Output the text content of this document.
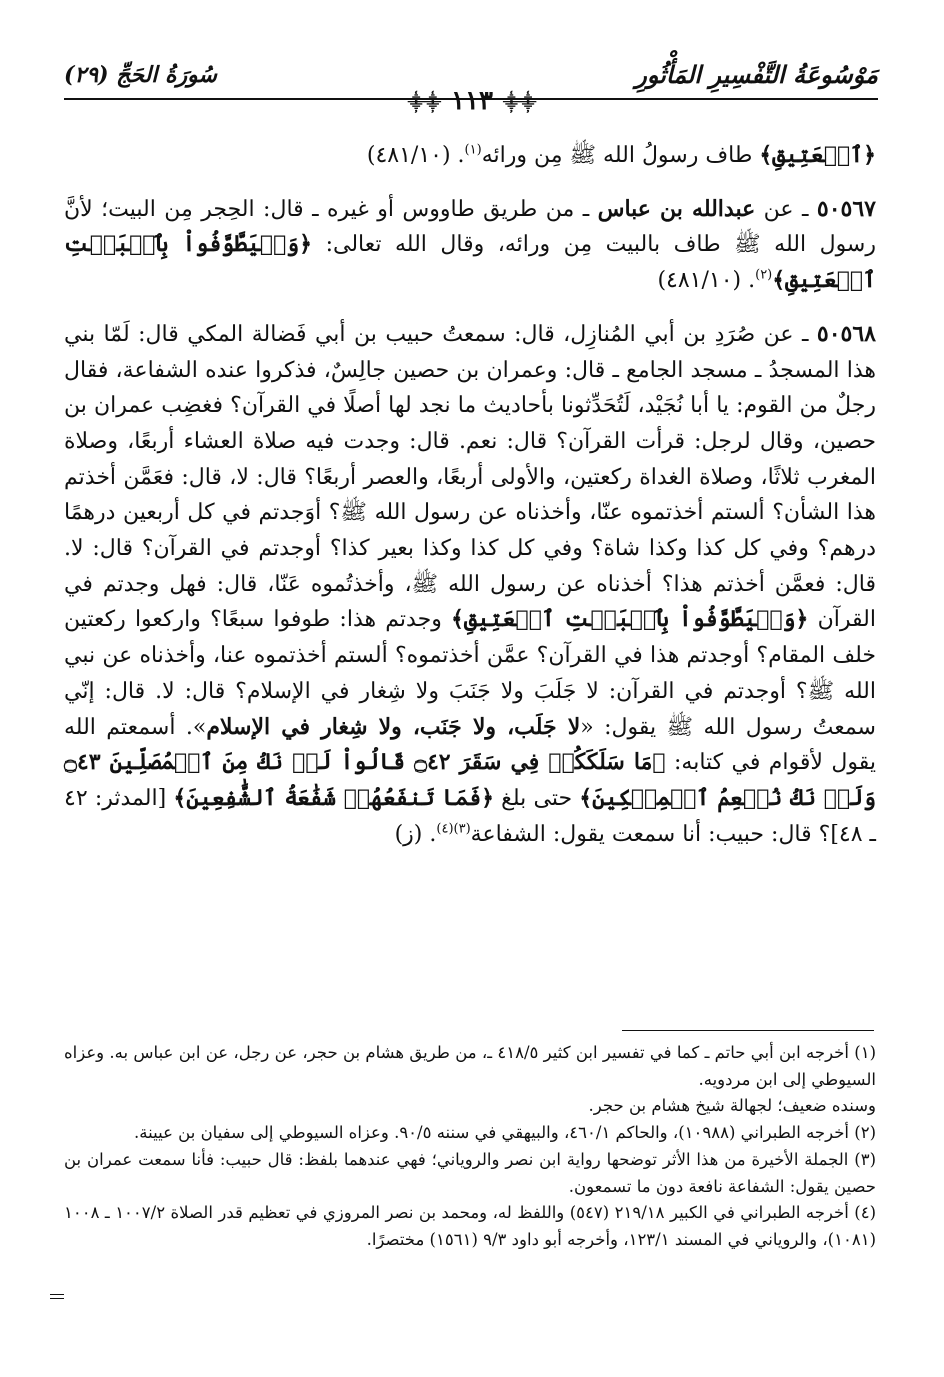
مَوْسُوعَةُ التَّفْسِيرِ المَأْثُورِ
سُورَةُ الحَجِّ (٢٩)
⸎⸎ ١١٣ ⸎⸎

﴿ٱلۡعَتِيقِ﴾ طاف رسولُ الله ﷺ مِن ورائه$^{(١)}$. (٤٨١/١٠)

٥٠٥٦٧ ـ عن عبدالله بن عباس ـ من طريق طاووس أو غيره ـ قال: الحِجر مِن البيت؛ لأنَّ رسول الله ﷺ طاف بالبيت مِن ورائه، وقال الله تعالى: ﴿وَلۡيَطَّوَّفُواْ بِٱلۡبَيۡتِ ٱلۡعَتِيقِ﴾$^{(٢)}$. (٤٨١/١٠)

٥٠٥٦٨ ـ عن صُرَدِ بن أبي المُنازِل، قال: سمعتُ حبيب بن أبي فَضالة المكي قال: لَمّا بني هذا المسجدُ ـ مسجد الجامع ـ قال: وعمران بن حصين جالِسٌ، فذكروا عنده الشفاعة، فقال رجلٌ من القوم: يا أبا نُجَيْد، لَتُحَدِّثونا بأحاديث ما نجد لها أصلًا في القرآن؟ فغضِب عمران بن حصين، وقال لرجل: قرأت القرآن؟ قال: نعم. قال: وجدت فيه صلاة العشاء أربعًا، وصلاة المغرب ثلاثًا، وصلاة الغداة ركعتين، والأولى أربعًا، والعصر أربعًا؟ قال: لا، قال: فعَمَّن أخذتم هذا الشأن؟ ألستم أخذتموه عنّا، وأخذناه عن رسول الله ﷺ؟ أوَجدتم في كل أربعين درهمًا درهم؟ وفي كل كذا وكذا شاة؟ وفي كل كذا وكذا بعير كذا؟ أوجدتم في القرآن؟ قال: لا. قال: فعمَّن أخذتم هذا؟ أخذناه عن رسول الله ﷺ، وأخذتُموه عَنّا، قال: فهل وجدتم في القرآن ﴿وَلۡيَطَّوَّفُواْ بِٱلۡبَيۡتِ ٱلۡعَتِيقِ﴾ وجدتم هذا: طوفوا سبعًا؟ واركعوا ركعتين خلف المقام؟ أوجدتم هذا في القرآن؟ عمَّن أخذتموه؟ ألستم أخذتموه عنا، وأخذناه عن نبي الله ﷺ؟ أوجدتم في القرآن: لا جَلَبَ ولا جَنَبَ ولا شِغار في الإسلام؟ قال: لا. قال: إنّي سمعتُ رسول الله ﷺ يقول: «لا جَلَب، ولا جَنَب، ولا شِغار في الإسلام». أسمعتم الله يقول لأقوام في كتابه: ﴿مَا سَلَكَكُمۡ فِي سَقَرَ ۝٤٢ قَالُواْ لَمۡ نَكُ مِنَ ٱلۡمُصَلِّينَ ۝٤٣ وَلَمۡ نَكُ نُطۡعِمُ ٱلۡمِسۡكِينَ﴾ حتى بلغ ﴿فَمَا تَنفَعُهُمۡ شَفَٰعَةُ ٱلشَّٰفِعِينَ﴾ [المدثر: ٤٢ ـ ٤٨]؟ قال: حبيب: أنا سمعت يقول: الشفاعة$^{(٣)(٤)}$. (ز)

(١) أخرجه ابن أبي حاتم ـ كما في تفسير ابن كثير ٤١٨/٥ ـ، من طريق هشام بن حجر، عن رجل، عن ابن عباس به. وعزاه السيوطي إلى ابن مردويه.

وسنده ضعيف؛ لجهالة شيخ هشام بن حجر.

(٢) أخرجه الطبراني (١٠٩٨٨)، والحاكم ٤٦٠/١، والبيهقي في سننه ٩٠/٥. وعزاه السيوطي إلى سفيان بن عيينة.

(٣) الجملة الأخيرة من هذا الأثر توضحها رواية ابن نصر والروياني؛ فهي عندهما بلفظ: قال حبيب: فأنا سمعت عمران بن حصين يقول: الشفاعة نافعة دون ما تسمعون.

(٤) أخرجه الطبراني في الكبير ٢١٩/١٨ (٥٤٧) واللفظ له، ومحمد بن نصر المروزي في تعظيم قدر الصلاة ١٠٠٧/٢ ـ ١٠٠٨ (١٠٨١)، والروياني في المسند ١٢٣/١، وأخرجه أبو داود ٩/٣ (١٥٦١) مختصرًا.
